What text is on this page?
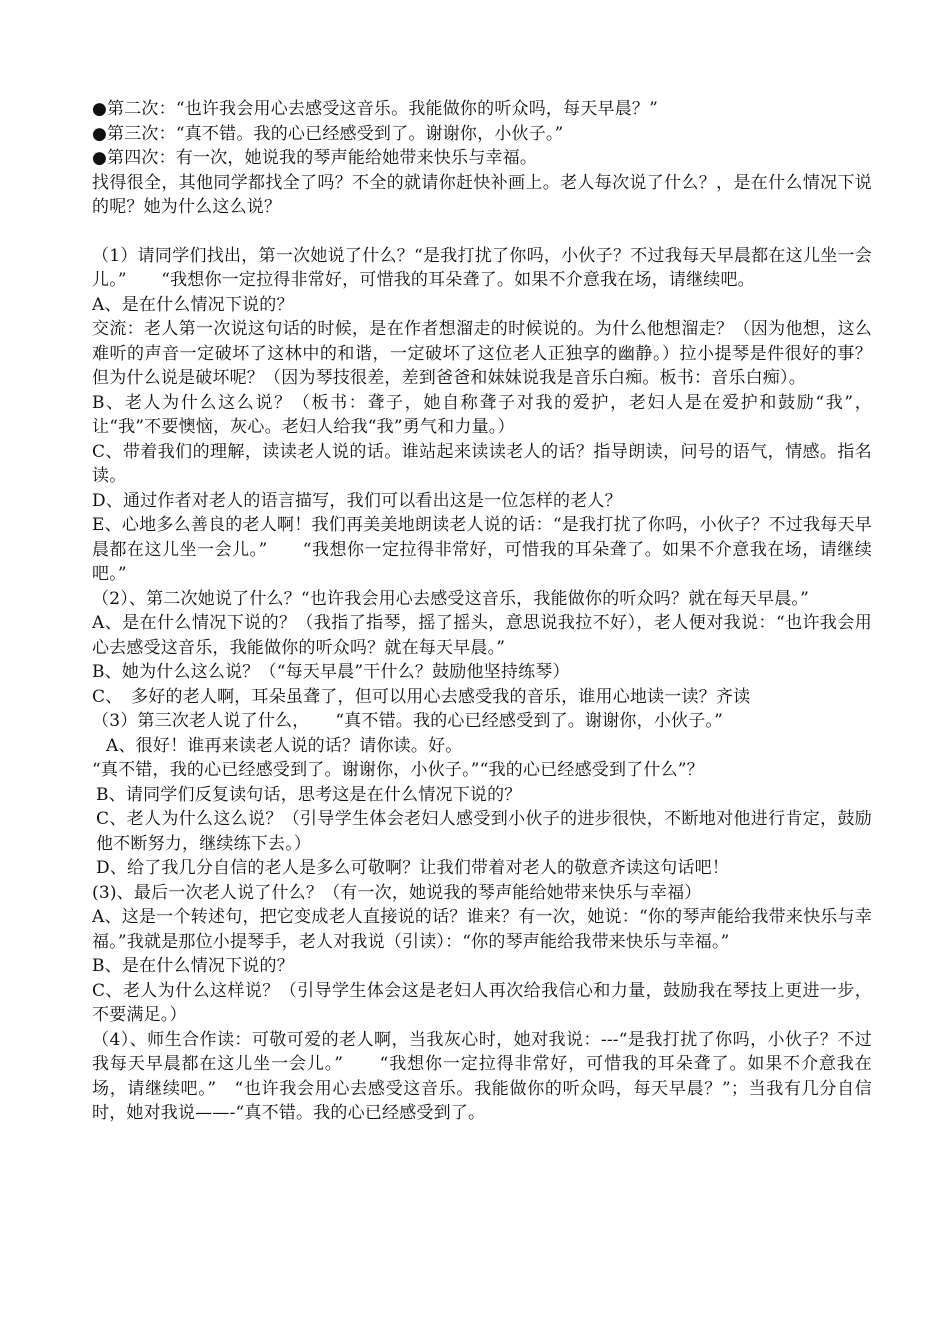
●第二次：“也许我会用心去感受这音乐。我能做你的听众吗，每天早晨？”

●第三次：“真不错。我的心已经感受到了。谢谢你，小伙子。”

●第四次：有一次，她说我的琴声能给她带来快乐与幸福。

找得很全，其他同学都找全了吗？不全的就请你赶快补画上。老人每次说了什么？，是在什么情况下说的呢？她为什么这么说？

（1）请同学们找出，第一次她说了什么？“是我打扰了你吗，小伙子？不过我每天早晨都在这儿坐一会儿。”　　“我想你一定拉得非常好，可惜我的耳朵聋了。如果不介意我在场，请继续吧。

A、是在什么情况下说的？

交流：老人第一次说这句话的时候，是在作者想溜走的时候说的。为什么他想溜走？（因为他想，这么难听的声音一定破坏了这林中的和谐，一定破坏了这位老人正独享的幽静。）拉小提琴是件很好的事？但为什么说是破坏呢？（因为琴技很差，差到爸爸和妹妹说我是音乐白痴。板书：音乐白痴）。

B、老人为什么这么说？（板书：聋子，她自称聋子对我的爱护，老妇人是在爱护和鼓励“我”，让“我”不要懊恼，灰心。老妇人给我“我”勇气和力量。）

C、带着我们的理解，读读老人说的话。谁站起来读读老人的话？指导朗读，问号的语气，情感。指名读。

D、通过作者对老人的语言描写，我们可以看出这是一位怎样的老人？

E、心地多么善良的老人啊！我们再美美地朗读老人说的话：“是我打扰了你吗，小伙子？不过我每天早晨都在这儿坐一会儿。”　　“我想你一定拉得非常好，可惜我的耳朵聋了。如果不介意我在场，请继续吧。”

（2）、第二次她说了什么？“也许我会用心去感受这音乐，我能做你的听众吗？就在每天早晨。”

A、是在什么情况下说的？（我指了指琴，摇了摇头，意思说我拉不好），老人便对我说：“也许我会用心去感受这音乐，我能做你的听众吗？就在每天早晨。”

B、她为什么这么说？（“每天早晨”干什么？鼓励他坚持练琴）

C、　多好的老人啊，耳朵虽聋了，但可以用心去感受我的音乐，谁用心地读一读？齐读

（3）第三次老人说了什么，　　“真不错。我的心已经感受到了。谢谢你，小伙子。”

A、很好！谁再来读老人说的话？请你读。好。

“真不错，我的心已经感受到了。谢谢你，小伙子。”“我的心已经感受到了什么”？

B、请同学们反复读句话，思考这是在什么情况下说的？

C、老人为什么这么说？（引导学生体会老妇人感受到小伙子的进步很快，不断地对他进行肯定，鼓励他不断努力，继续练下去。）

D、给了我几分自信的老人是多么可敬啊？让我们带着对老人的敬意齐读这句话吧！

(3)、最后一次老人说了什么？（有一次，她说我的琴声能给她带来快乐与幸福）

A、这是一个转述句，把它变成老人直接说的话？谁来？有一次，她说：“你的琴声能给我带来快乐与幸福。”我就是那位小提琴手，老人对我说（引读）：“你的琴声能给我带来快乐与幸福。”

B、是在什么情况下说的？

C、老人为什么这样说？（引导学生体会这是老妇人再次给我信心和力量，鼓励我在琴技上更进一步，不要满足。）

（4）、师生合作读：可敬可爱的老人啊，当我灰心时，她对我说：---“是我打扰了你吗，小伙子？不过我每天早晨都在这儿坐一会儿。”　　“我想你一定拉得非常好，可惜我的耳朵聋了。如果不介意我在场，请继续吧。”　“也许我会用心去感受这音乐。我能做你的听众吗，每天早晨？”；当我有几分自信时，她对我说——-“真不错。我的心已经感受到了。
